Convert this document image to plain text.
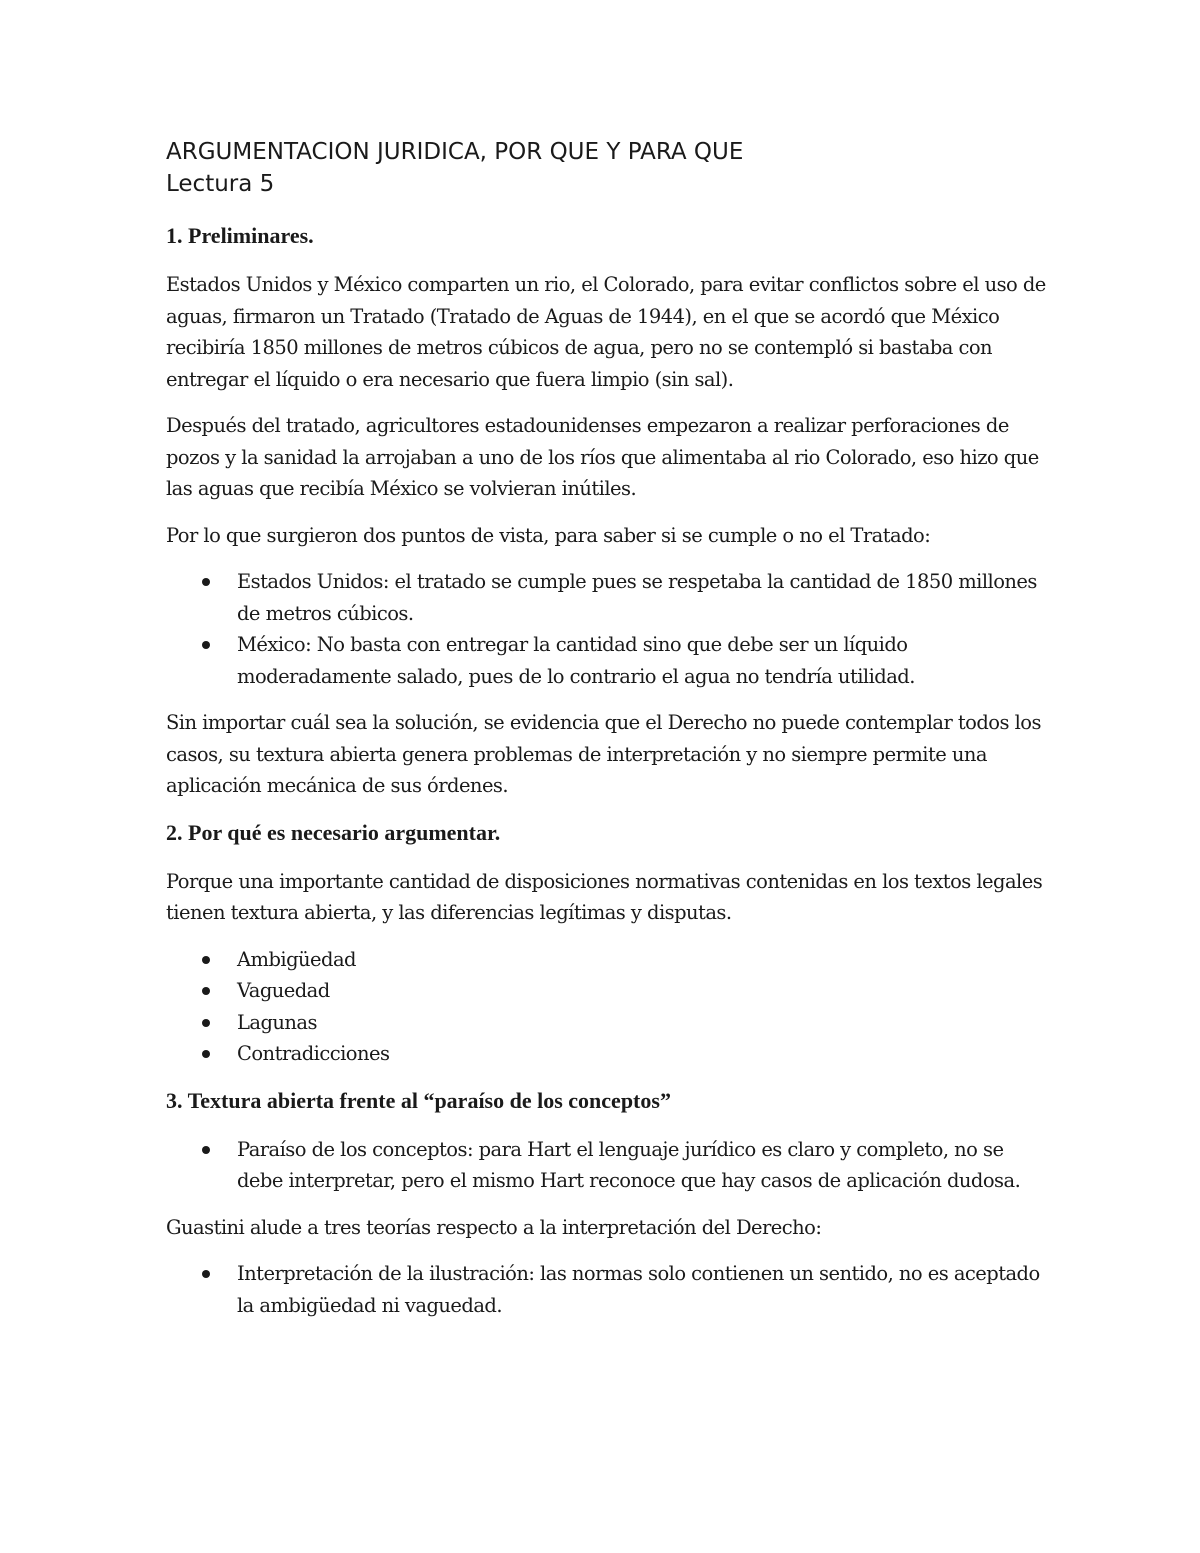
ARGUMENTACION JURIDICA, POR QUE Y PARA QUE
Lectura 5
1. Preliminares.

Estados Unidos y México comparten un rio, el Colorado, para evitar conflictos sobre el uso de aguas, firmaron un Tratado (Tratado de Aguas de 1944), en el que se acordó que México recibiría 1850 millones de metros cúbicos de agua, pero no se contempló si bastaba con entregar el líquido o era necesario que fuera limpio (sin sal).

Después del tratado, agricultores estadounidenses empezaron a realizar perforaciones de pozos y la sanidad la arrojaban a uno de los ríos que alimentaba al rio Colorado, eso hizo que las aguas que recibía México se volvieran inútiles.

Por lo que surgieron dos puntos de vista, para saber si se cumple o no el Tratado:

Estados Unidos: el tratado se cumple pues se respetaba la cantidad de 1850 millones de metros cúbicos.
México: No basta con entregar la cantidad sino que debe ser un líquido moderadamente salado, pues de lo contrario el agua no tendría utilidad.

Sin importar cuál sea la solución, se evidencia que el Derecho no puede contemplar todos los casos, su textura abierta genera problemas de interpretación y no siempre permite una aplicación mecánica de sus órdenes.

2. Por qué es necesario argumentar.

Porque una importante cantidad de disposiciones normativas contenidas en los textos legales tienen textura abierta, y las diferencias legítimas y disputas.

Ambigüedad
Vaguedad
Lagunas
Contradicciones
3. Textura abierta frente al “paraíso de los conceptos”
Paraíso de los conceptos: para Hart el lenguaje jurídico es claro y completo, no se debe interpretar, pero el mismo Hart reconoce que hay casos de aplicación dudosa.

Guastini alude a tres teorías respecto a la interpretación del Derecho:

Interpretación de la ilustración: las normas solo contienen un sentido, no es aceptado la ambigüedad ni vaguedad.
